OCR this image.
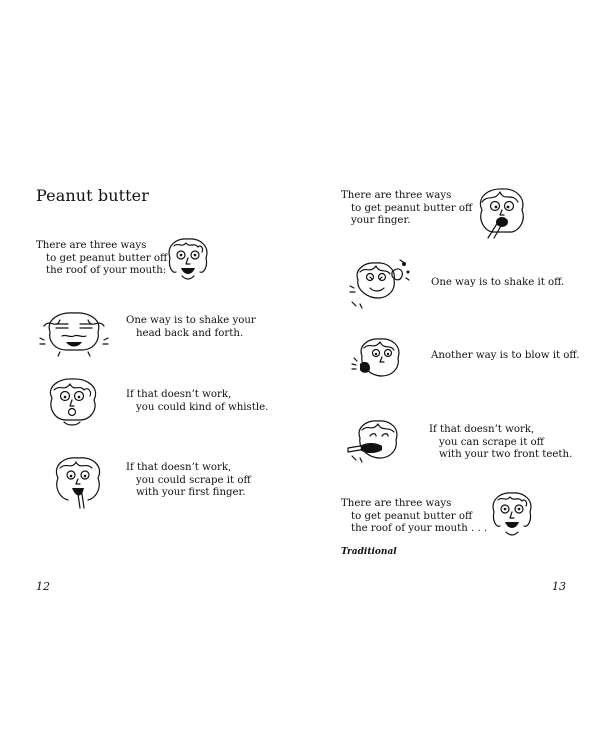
Peanut butter
There are three ways
to get peanut butter off
the roof of your mouth:
One way is to shake your
head back and forth.
If that doesn’t work,
you could kind of whistle.
If that doesn’t work,
you could scrape it off
with your first finger.
12
There are three ways
to get peanut butter off
your finger.
One way is to shake it off.
Another way is to blow it off.
If that doesn’t work,
you can scrape it off
with your two front teeth.
There are three ways
to get peanut butter off
the roof of your mouth . . .
Traditional
13
